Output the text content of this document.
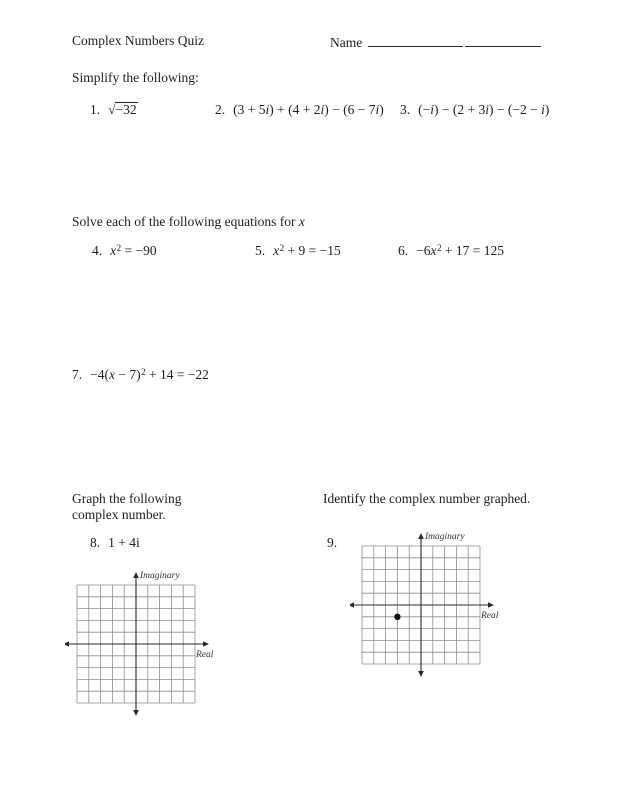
Complex Numbers Quiz	Name
Simplify the following:
1. √−32	2. (3 + 5i) + (4 + 2i) − (6 − 7i) 3. (−i) − (2 + 3i) − (−2 − i)
Solve each of the following equations for x
4. $x^2 = -90$	5. $x^2 + 9 = -15$	6. $-6x^2 + 17 = 125$
7. $-4(x - 7)^2 + 14 = -22$
Graph the following
complex number.
Identify the complex number graphed.
8. 1 + 4i	9.
Imaginary
Real
Imaginary
Real
